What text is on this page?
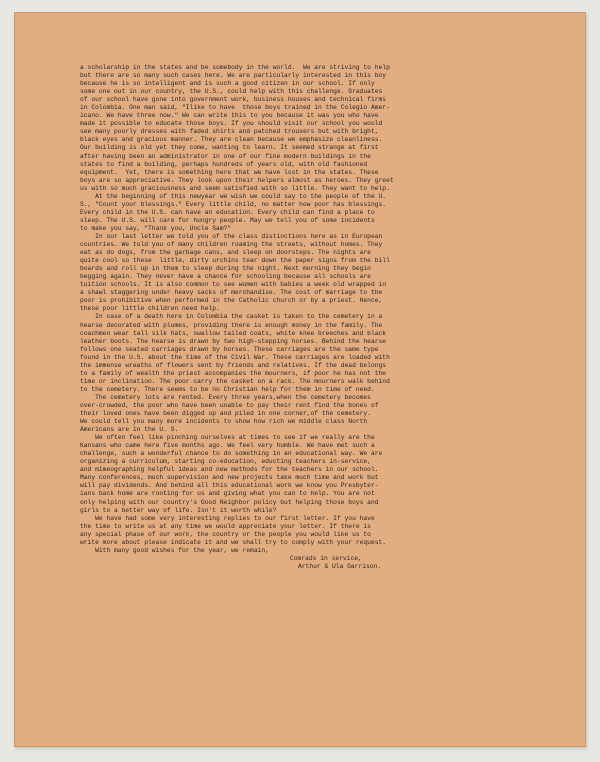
a scholarship in the states and be somebody in the world.  We are striving to help
but there are so many such cases here. We are particularly interested in this boy
because he is so intelligent and is such a good citizen in our school. If only
some one out in our country, the U.S., could help with this challenge. Graduates
of our school have gone into government work, business houses and technical firms
in Colombia. One man said, "Ilike to have  those boys trained in the Colegio Amer-
icano. We have three now." We can write this to you because it was you who have
made it possible to educate those boys. If you should visit our school you would
see many poorly dresses with faded shirts and patched trousers but with bright,
black eyes and gracious manner. They are clean because we emphasize cleanliness.
Our building is old yet they come, wanting to learn. It seemed strange at first
after having been an administrator in one of our fine modern buildings in the
states to find a building, perhaps hundreds of years old, with old fashioned
equipment.  Yet, there is something here that we have lost in the states. These
boys are so appreciative. They look upon their helpers almost as heroes. They greet
us with so much graciousness and seem satisfied with so little. They want to help.
At the beginning of this newyear we wish we could say to the people of the U.
S., "Count your blessings." Every little child, no matter how poor has blessings.
Every child in the U.S. can have an education. Every child can find a place to
sleep. The U.S. will care for hungry people. May we tell you of some incidents
to make you say, "Thank you, Uncle Sam?"
In our last letter we told you of the class distinctions here as in European
countries. We told you of many children roaming the streets, without homes. They
eat as do dogs, from the garbage cans, and sleep on doorsteps. The nights are
quite cool so these  little, dirty urchins tear down the paper signs from the bill
boards and roll up in them to sleep during the night. Next morning they begin
begging again. They never have a chance for schooling because all schools are
tuition schools. It is also common to see women with babies a week old wrapped in
a shawl staggering under heavy sacks of merchandise. The cost of marriage to the
poor is prohibitive when performed in the Catholic church or by a priest. Hence,
these poor little children need help.
In case of a death here in Colombia the casket is taken to the cemetery in a
hearse decorated with plumes, providing there is enough money in the family. The
coachmen wear tall silk hats, swallow tailed coats, white knee breeches and black
leather boots. The hearse is drawn by two high-stepping horses. Behind the hearse
follows one seated carriages drawn by horses. These carriages are the same type
found in the U.S. about the time of the Civil War. These carriages are loaded with
the immense wreaths of flowers sent by friends and relatives. If the dead belongs
to a family of wealth the priest accompanies the mourners, if poor he has not the
time or inclination. The poor carry the casket on a rack. The mourners walk behind
to the cemetery. There seems to be no Christian help for them in time of need.
The cemetery lots are rented. Every three years,when the cemetery becomes
over-crowded, the poor who have been unable to pay their rent find the bones of
their loved ones have been digged up and piled in one corner,of the cemetery.
We could tell you many more incidents to show how rich we middle class North
Americans are in the U. S.
We often feel like pinching ourselves at times to see if we really are the
Kansans who came here five months ago. We feel very humble. We have met such a
challenge, such a wonderful chance to do something in an educational way. We are
organizing a curriculum, starting co-education, educting teachers in-service,
and mimeographing helpful ideas and new methods for the teachers in our school.
Many conferences, much supervision and new projects take much time and work but
will pay dividends. And behind all this educational work we know you Presbyter-
ians back home are rooting for us and giving what you can to help. You are not
only helping with our country's Good Neighbor policy but helping those boys and
girls to a better way of life. Isn't it worth while?
We have had some very interesting replies to our first letter. If you have
the time to write us at any time we would appreciate your letter. If there is
any special phase of our work, the country or the people you would like us to
write more about please indicate it and we shall try to comply with your request.
With many good wishes for the year, we remain,
Comrads in service,
Arthur & Ula Garrison.
